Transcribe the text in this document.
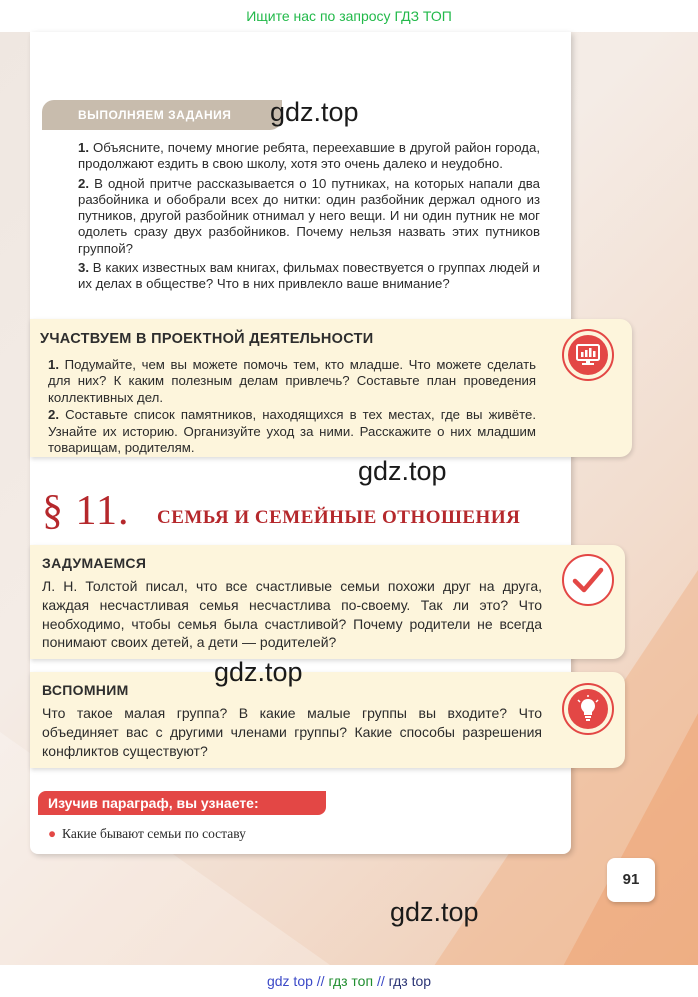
Ищите нас по запросу ГДЗ ТОП
ВЫПОЛНЯЕМ ЗАДАНИЯ

1. Объясните, почему многие ребята, переехавшие в другой район города, продолжают ездить в свою школу, хотя это очень далеко и неудобно.

2. В одной притче рассказывается о 10 путниках, на которых напали два разбойника и обобрали всех до нитки: один разбойник держал одного из путников, другой разбойник отнимал у него вещи. И ни один путник не мог одолеть сразу двух разбойников. Почему нельзя назвать этих путников группой?

3. В каких известных вам книгах, фильмах повествуется о группах людей и их делах в обществе? Что в них привлекло ваше внимание?

УЧАСТВУЕМ В ПРОЕКТНОЙ ДЕЯТЕЛЬНОСТИ

1. Подумайте, чем вы можете помочь тем, кто младше. Что можете сделать для них? К каким полезным делам привлечь? Составьте план проведения коллективных дел.

2. Составьте список памятников, находящихся в тех местах, где вы живёте. Узнайте их историю. Организуйте уход за ними. Расскажите о них младшим товарищам, родителям.

§ 11. СЕМЬЯ И СЕМЕЙНЫЕ ОТНОШЕНИЯ
ЗАДУМАЕМСЯ
Л. Н. Толстой писал, что все счастливые семьи похожи друг на друга, каждая несчастливая семья несчастлива по-своему. Так ли это? Что необходимо, чтобы семья была счастливой? Почему родители не всегда понимают своих детей, а дети — родителей?
ВСПОМНИМ
Что такое малая группа? В какие малые группы вы входите? Что объединяет вас с другими членами группы? Какие способы разрешения конфликтов существуют?
Изучив параграф, вы узнаете:
● Какие бывают семьи по составу
91
gdz.top
gdz.top
gdz.top
gdz.top
gdz top // гдз топ // гдз top
